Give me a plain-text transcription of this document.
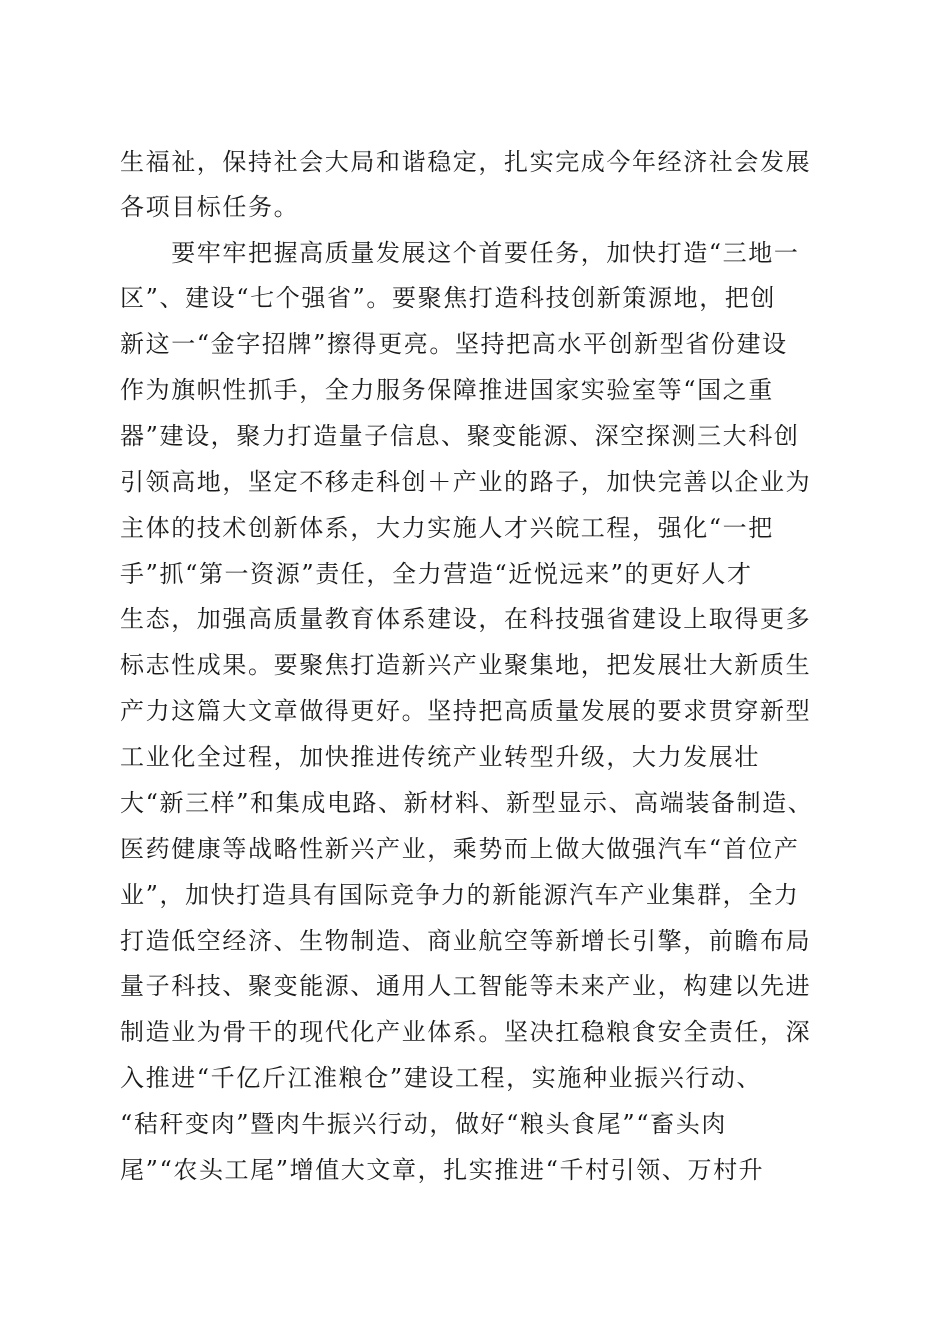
生福祉，保持社会大局和谐稳定，扎实完成今年经济社会发展
各项目标任务。
　　要牢牢把握高质量发展这个首要任务，加快打造“三地一
区”、建设“七个强省”。要聚焦打造科技创新策源地，把创
新这一“金字招牌”擦得更亮。坚持把高水平创新型省份建设
作为旗帜性抓手，全力服务保障推进国家实验室等“国之重
器”建设，聚力打造量子信息、聚变能源、深空探测三大科创
引领高地，坚定不移走科创＋产业的路子，加快完善以企业为
主体的技术创新体系，大力实施人才兴皖工程，强化“一把
手”抓“第一资源”责任，全力营造“近悦远来”的更好人才
生态，加强高质量教育体系建设，在科技强省建设上取得更多
标志性成果。要聚焦打造新兴产业聚集地，把发展壮大新质生
产力这篇大文章做得更好。坚持把高质量发展的要求贯穿新型
工业化全过程，加快推进传统产业转型升级，大力发展壮
大“新三样”和集成电路、新材料、新型显示、高端装备制造、
医药健康等战略性新兴产业，乘势而上做大做强汽车“首位产
业”，加快打造具有国际竞争力的新能源汽车产业集群，全力
打造低空经济、生物制造、商业航空等新增长引擎，前瞻布局
量子科技、聚变能源、通用人工智能等未来产业，构建以先进
制造业为骨干的现代化产业体系。坚决扛稳粮食安全责任，深
入推进“千亿斤江淮粮仓”建设工程，实施种业振兴行动、
“秸秆变肉”暨肉牛振兴行动，做好“粮头食尾”“畜头肉
尾”“农头工尾”增值大文章，扎实推进“千村引领、万村升
